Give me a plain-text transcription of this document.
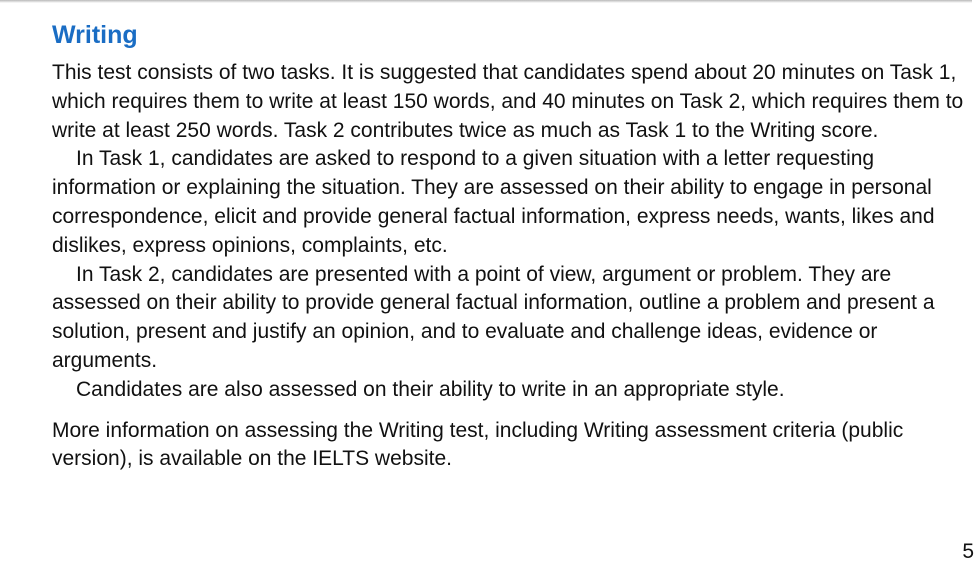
Writing

This test consists of two tasks. It is suggested that candidates spend about 20 minutes on Task 1, which requires them to write at least 150 words, and 40 minutes on Task 2, which requires them to write at least 250 words. Task 2 contributes twice as much as Task 1 to the Writing score.

In Task 1, candidates are asked to respond to a given situation with a letter requesting information or explaining the situation. They are assessed on their ability to engage in personal correspondence, elicit and provide general factual information, express needs, wants, likes and dislikes, express opinions, complaints, etc.

In Task 2, candidates are presented with a point of view, argument or problem. They are assessed on their ability to provide general factual information, outline a problem and present a solution, present and justify an opinion, and to evaluate and challenge ideas, evidence or arguments.

Candidates are also assessed on their ability to write in an appropriate style.

More information on assessing the Writing test, including Writing assessment criteria (public version), is available on the IELTS website.

5
